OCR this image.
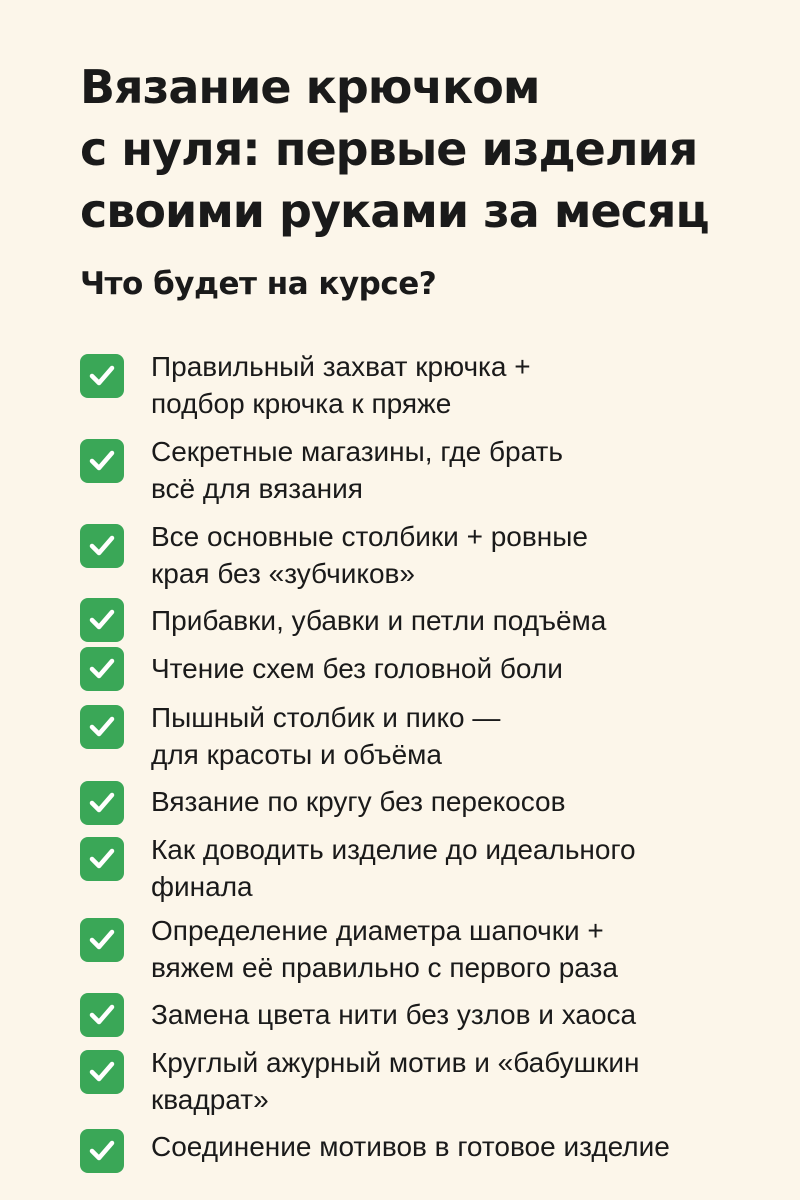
Вязание крючком
с нуля: первые изделия
своими руками за месяц
Что будет на курсе?
Правильный захват крючка +
подбор крючка к пряже
Секретные магазины, где брать
всё для вязания
Все основные столбики + ровные
края без «зубчиков»
Прибавки, убавки и петли подъёма
Чтение схем без головной боли
Пышный столбик и пико —
для красоты и объёма
Вязание по кругу без перекосов
Как доводить изделие до идеального
финала
Определение диаметра шапочки +
вяжем её правильно с первого раза
Замена цвета нити без узлов и хаоса
Круглый ажурный мотив и «бабушкин
квадрат»
Соединение мотивов в готовое изделие
